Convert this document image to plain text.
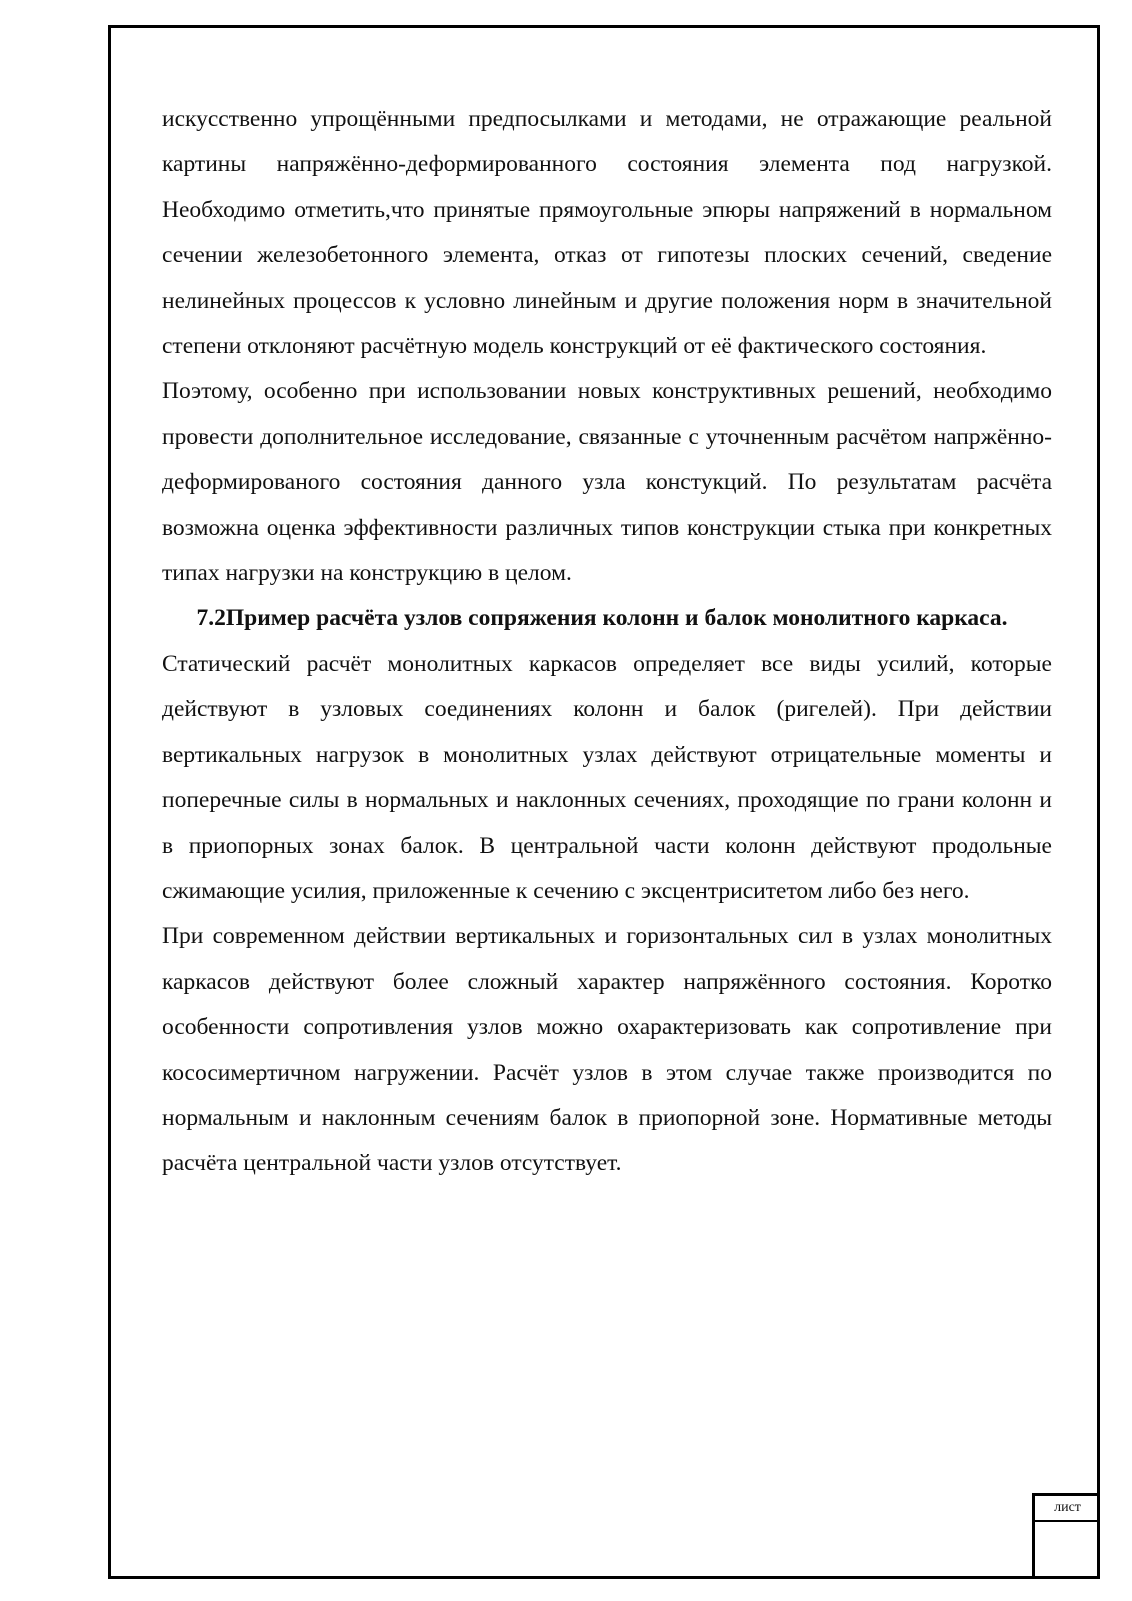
искусственно упрощёнными предпосылками и методами, не отражающие реальной картины напряжённо-деформированного состояния элемента под нагрузкой. Необходимо отметить,что принятые прямоугольные эпюры напряжений в нормальном сечении железобетонного элемента, отказ от гипотезы плоских сечений, сведение нелинейных процессов к условно линейным и другие положения норм в значительной степени отклоняют расчётную модель конструкций от её фактического состояния.

Поэтому, особенно при использовании новых конструктивных решений, необходимо провести дополнительное исследование, связанные с уточненным расчётом напржённо-деформированого состояния данного узла констукций. По результатам расчёта возможна оценка эффективности различных типов конструкции стыка при конкретных типах нагрузки на конструкцию в целом.

7.2Пример расчёта узлов сопряжения колонн и балок монолитного каркаса.

Статический расчёт монолитных каркасов определяет все виды усилий, которые действуют в узловых соединениях колонн и балок (ригелей). При действии вертикальных нагрузок в монолитных узлах действуют отрицательные моменты и поперечные силы в нормальных и наклонных сечениях, проходящие по грани колонн и в приопорных зонах балок. В центральной части колонн действуют продольные сжимающие усилия, приложенные к сечению с эксцентриситетом либо без него.

При современном действии вертикальных и горизонтальных сил в узлах монолитных каркасов действуют более сложный характер напряжённого состояния. Коротко особенности сопротивления узлов можно охарактеризовать как сопротивление при кососимертичном нагружении. Расчёт узлов в этом случае также производится по нормальным и наклонным сечениям балок в приопорной зоне. Нормативные методы расчёта центральной части узлов отсутствует.

лист
